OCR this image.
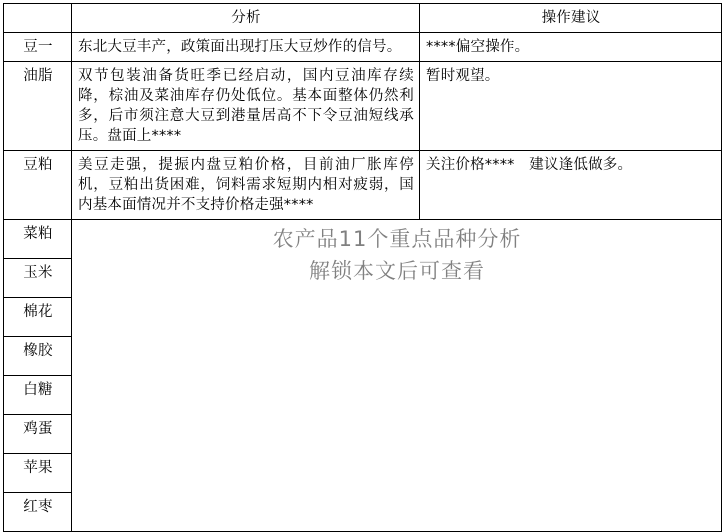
	分析	操作建议
豆一	东北大豆丰产，政策面出现打压大豆炒作的信号。	****偏空操作。
油脂	双节包装油备货旺季已经启动，国内豆油库存续降，棕油及菜油库存仍处低位。基本面整体仍然利多，后市须注意大豆到港量居高不下令豆油短线承压。盘面上****	暂时观望。
豆粕	美豆走强，提振内盘豆粕价格，目前油厂胀库停机，豆粕出货困难，饲料需求短期内相对疲弱，国内基本面情况并不支持价格走强****	关注价格****　建议逢低做多。
菜粕	农产品11个重点品种分析
解锁本文后可查看	

玉米		
棉花		
橡胶		
白糖		
鸡蛋		
苹果		
红枣		
